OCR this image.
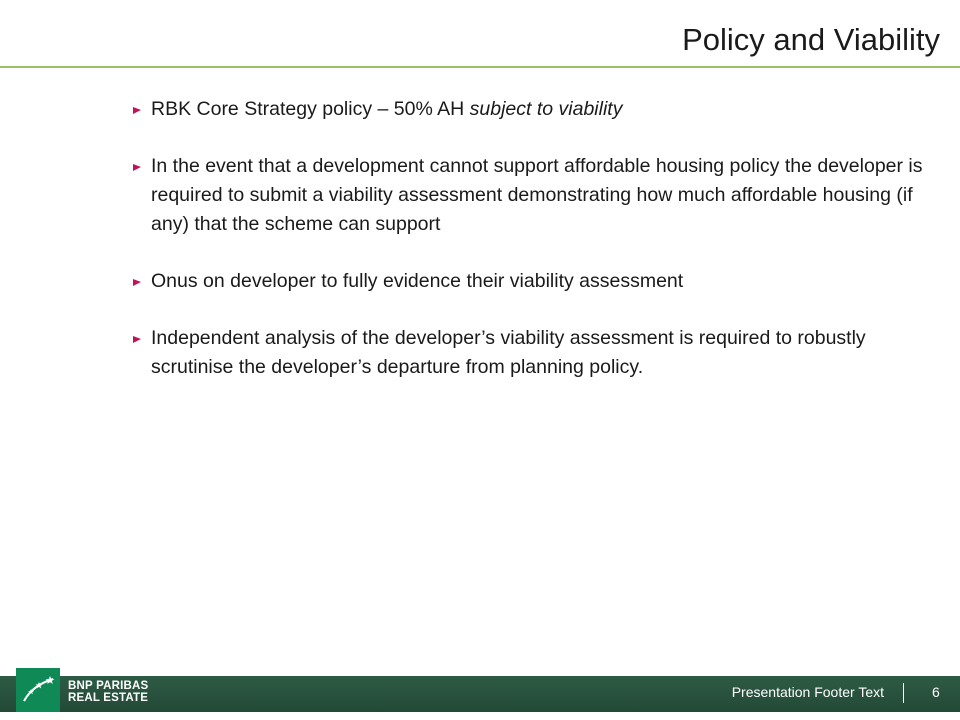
Policy and Viability
RBK Core Strategy policy – 50% AH subject to viability
In the event that a development cannot support affordable housing policy the developer is required to submit a viability assessment demonstrating how much affordable housing (if any) that the scheme can support
Onus on developer to fully evidence their viability assessment
Independent analysis of the developer’s viability assessment is required to robustly scrutinise the developer’s departure from planning policy.
BNP PARIBAS
REAL ESTATE	Presentation Footer Text	6
